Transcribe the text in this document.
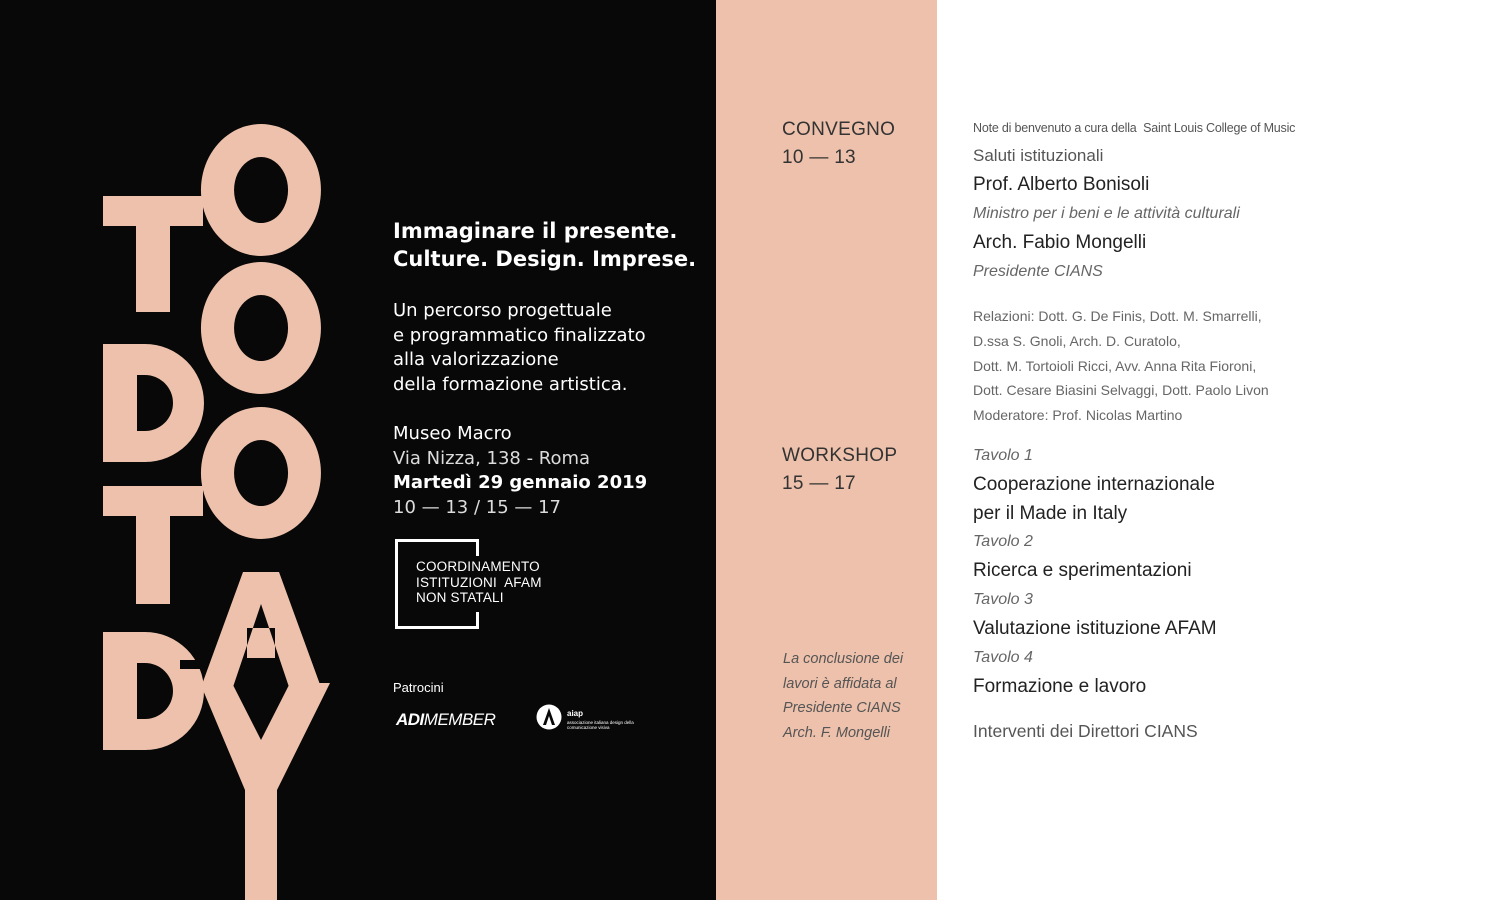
Immaginare il presente.
Culture. Design. Imprese.
Un percorso progettuale
e programmatico finalizzato
alla valorizzazione
della formazione artistica.
Museo Macro
Via Nizza, 138 - Roma
Martedì 29 gennaio 2019
10 — 13 / 15 — 17
COORDINAMENTO
ISTITUZIONI  AFAM
NON STATALI
Patrocini
ADIMEMBER	aiap
associazione italiana design della comunicazione visiva
CONVEGNO
10 — 13
WORKSHOP
15 — 17
La conclusione dei
lavori è affidata al
Presidente CIANS
Arch. F. Mongelli
Note di benvenuto a cura della  Saint Louis College of Music
Saluti istituzionali
Prof. Alberto Bonisoli
Ministro per i beni e le attività culturali
Arch. Fabio Mongelli
Presidente CIANS
Relazioni: Dott. G. De Finis, Dott. M. Smarrelli,
D.ssa S. Gnoli, Arch. D. Curatolo,
Dott. M. Tortoioli Ricci, Avv. Anna Rita Fioroni,
Dott. Cesare Biasini Selvaggi, Dott. Paolo Livon
Moderatore: Prof. Nicolas Martino
Tavolo 1
Cooperazione internazionale
per il Made in Italy
Tavolo 2
Ricerca e sperimentazioni
Tavolo 3
Valutazione istituzione AFAM
Tavolo 4
Formazione e lavoro
Interventi dei Direttori CIANS
